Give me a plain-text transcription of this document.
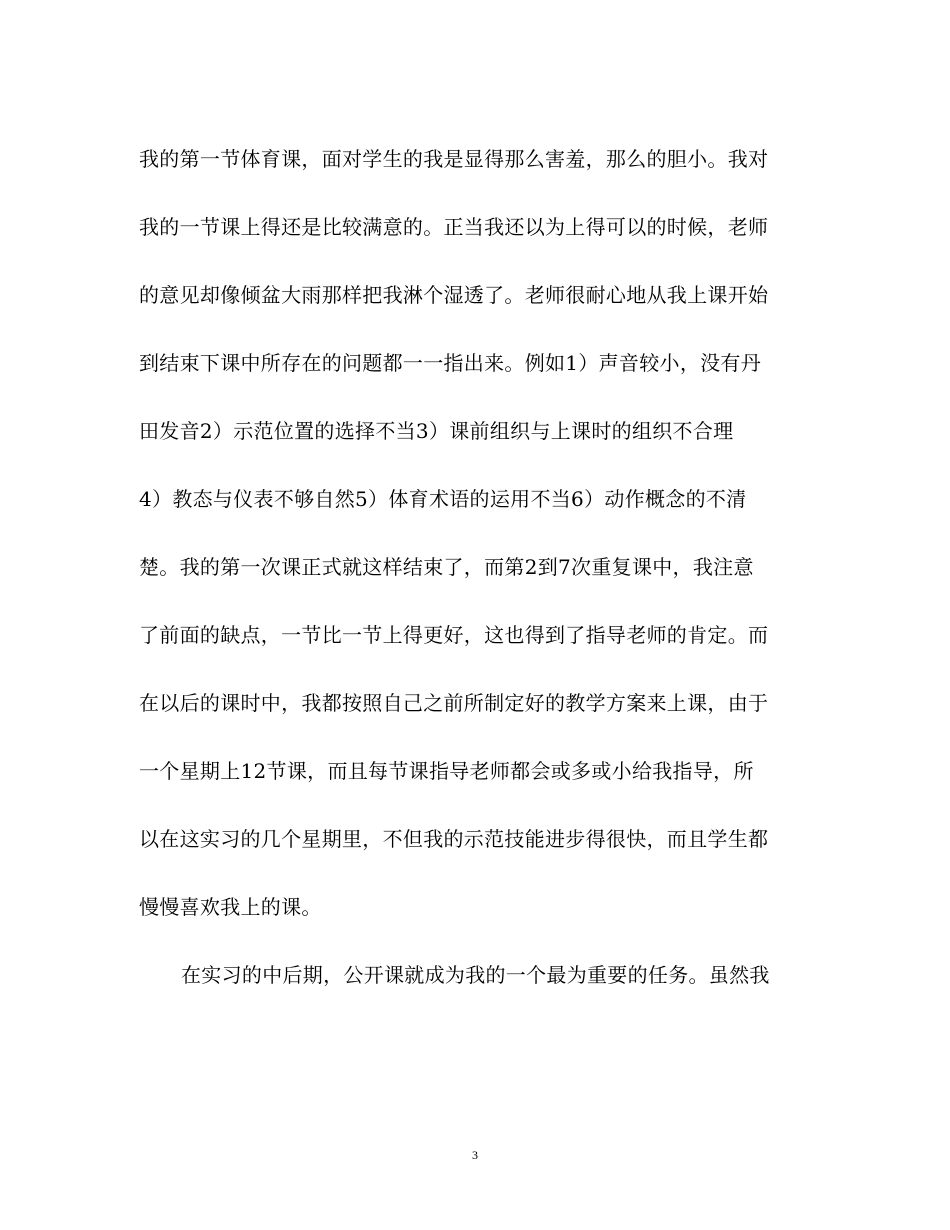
我的第一节体育课，面对学生的我是显得那么害羞，那么的胆小。我对
我的一节课上得还是比较满意的。正当我还以为上得可以的时候，老师
的意见却像倾盆大雨那样把我淋个湿透了。老师很耐心地从我上课开始
到结束下课中所存在的问题都一一指出来。例如1）声音较小，没有丹
田发音2）示范位置的选择不当3）课前组织与上课时的组织不合理
4）教态与仪表不够自然5）体育术语的运用不当6）动作概念的不清
楚。我的第一次课正式就这样结束了，而第2到7次重复课中，我注意
了前面的缺点，一节比一节上得更好，这也得到了指导老师的肯定。而
在以后的课时中，我都按照自己之前所制定好的教学方案来上课，由于
一个星期上12节课，而且每节课指导老师都会或多或小给我指导，所
以在这实习的几个星期里，不但我的示范技能进步得很快，而且学生都
慢慢喜欢我上的课。
在实习的中后期，公开课就成为我的一个最为重要的任务。虽然我
3
